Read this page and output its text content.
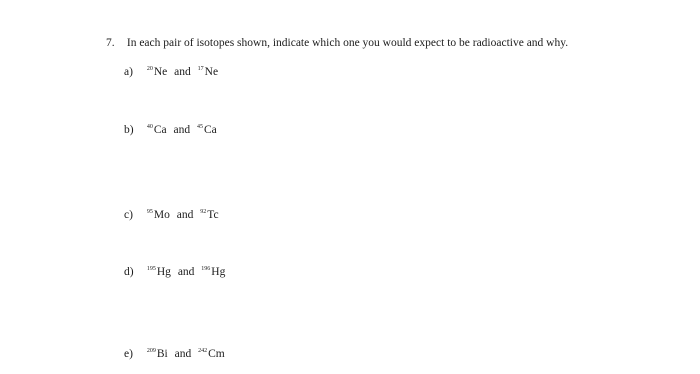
7. In each pair of isotopes shown, indicate which one you would expect to be radioactive and why.
a) $^{20}$Ne and $^{17}$Ne
b) $^{40}$Ca and $^{45}$Ca
c) $^{95}$Mo and $^{92}$Tc
d) $^{195}$Hg and $^{196}$Hg
e) $^{209}$Bi and $^{242}$Cm
